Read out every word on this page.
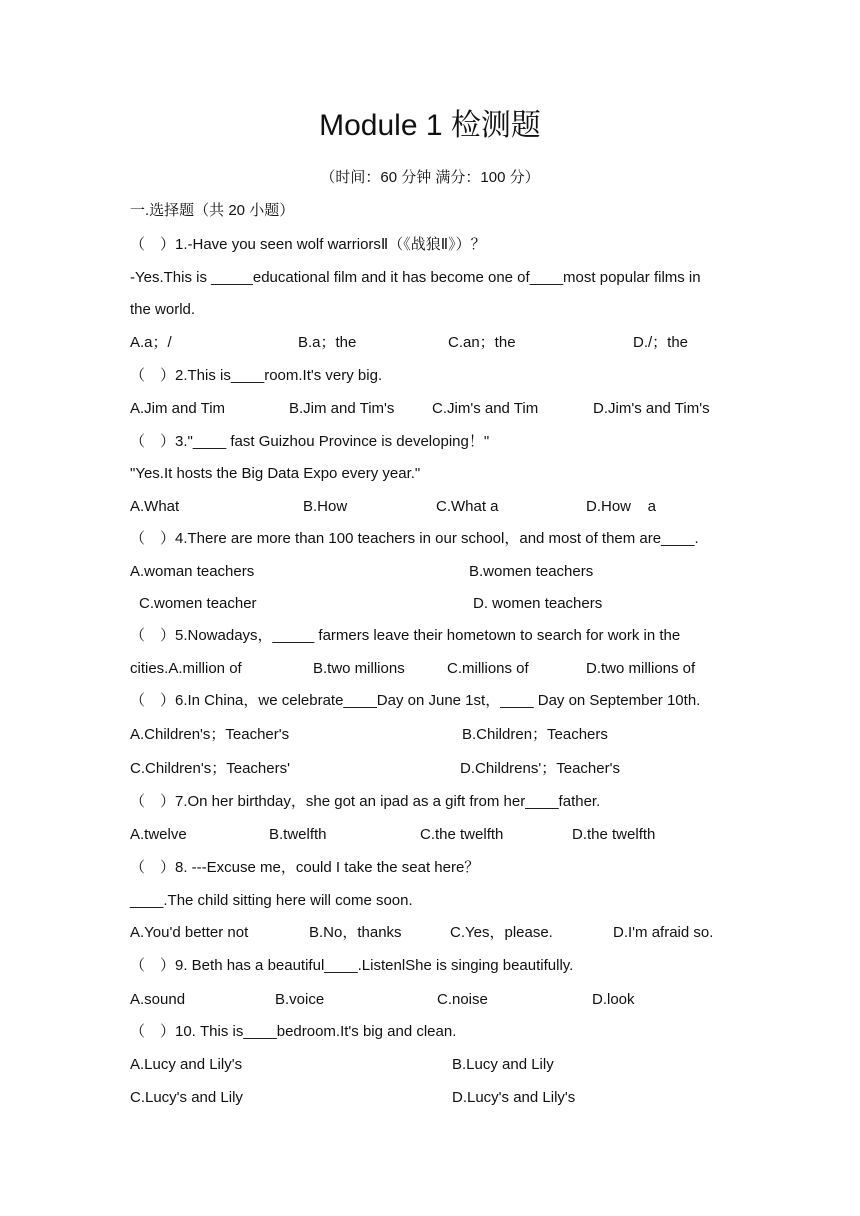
Module 1 检测题
（时间：60 分钟 满分：100 分）
一.选择题（共 20 小题）
（　）1.-Have you seen wolf warriorsⅡ（《战狼Ⅱ》）？
-Yes.This is _____educational film and it has become one of____most popular films in
the world.
A.a；/	B.a；the	C.an；the	D./；the
（　）2.This is____room.It's very big.
A.Jim and Tim	B.Jim and Tim's	C.Jim's and Tim	D.Jim's and Tim's
（　）3."____ fast Guizhou Province is developing！"
"Yes.It hosts the Big Data Expo every year."
A.What	B.How	C.What a	D.How    a
（　）4.There are more than 100 teachers in our school，and most of them are____.
A.woman teachers	B.women teachers
C.women teacher	D. women teachers
（　）5.Nowadays，_____ farmers leave their hometown to search for work in the
cities.A.million of	B.two millions	C.millions of	D.two millions of
（　）6.In China，we celebrate____Day on June 1st，____ Day on September 10th.
A.Children's；Teacher's	B.Children；Teachers
C.Children's；Teachers'	D.Childrens'；Teacher's
（　）7.On her birthday，she got an ipad as a gift from her____father.
A.twelve	B.twelfth	C.the twelfth	D.the twelfth
（　）8. ---Excuse me，could I take the seat here？
____.The child sitting here will come soon.
A.You'd better not	B.No，thanks	C.Yes，please.	D.I'm afraid so.
（　）9. Beth has a beautiful____.ListenlShe is singing beautifully.
A.sound	B.voice	C.noise	D.look
（　）10. This is____bedroom.It's big and clean.
A.Lucy and Lily's	B.Lucy and Lily
C.Lucy's and Lily	D.Lucy's and Lily's
